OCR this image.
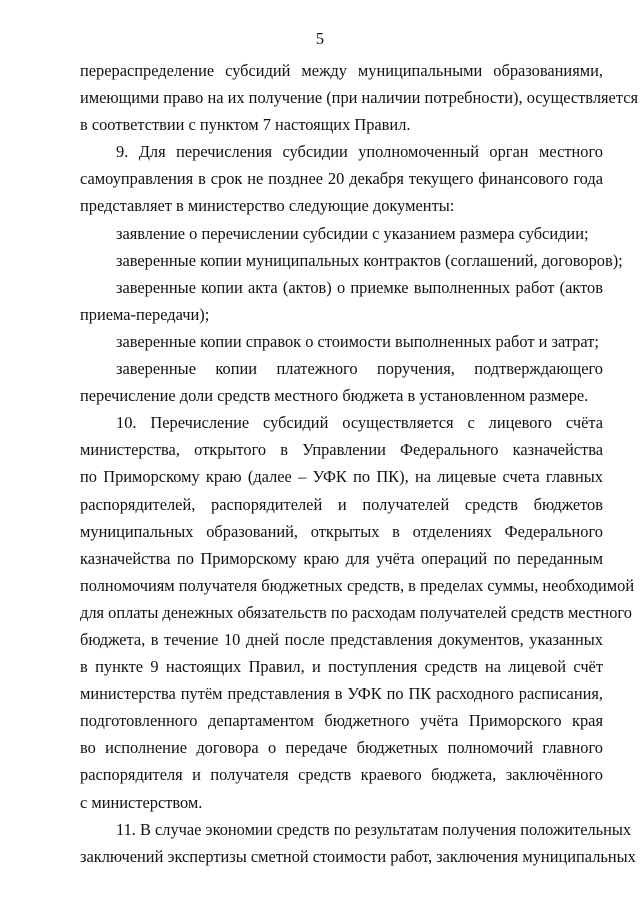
5
перераспределение субсидий между муниципальными образованиями,
имеющими право на их получение (при наличии потребности), осуществляется
в соответствии с пунктом 7 настоящих Правил.
9. Для перечисления субсидии уполномоченный орган местного
самоуправления в срок не позднее 20 декабря текущего финансового года
представляет в министерство следующие документы:
заявление о перечислении субсидии с указанием размера субсидии;
заверенные копии муниципальных контрактов (соглашений, договоров);
заверенные копии акта (актов) о приемке выполненных работ (актов
приема-передачи);
заверенные копии справок о стоимости выполненных работ и затрат;
заверенные копии платежного поручения, подтверждающего
перечисление доли средств местного бюджета в установленном размере.
10. Перечисление субсидий осуществляется с лицевого счёта
министерства, открытого в Управлении Федерального казначейства
по Приморскому краю (далее – УФК по ПК), на лицевые счета главных
распорядителей, распорядителей и получателей средств бюджетов
муниципальных образований, открытых в отделениях Федерального
казначейства по Приморскому краю для учёта операций по переданным
полномочиям получателя бюджетных средств, в пределах суммы, необходимой
для оплаты денежных обязательств по расходам получателей средств местного
бюджета, в течение 10 дней после представления документов, указанных
в пункте 9 настоящих Правил, и поступления средств на лицевой счёт
министерства путём представления в УФК по ПК расходного расписания,
подготовленного департаментом бюджетного учёта Приморского края
во исполнение договора о передаче бюджетных полномочий главного
распорядителя и получателя средств краевого бюджета, заключённого
с министерством.
11. В случае экономии средств по результатам получения положительных
заключений экспертизы сметной стоимости работ, заключения муниципальных
